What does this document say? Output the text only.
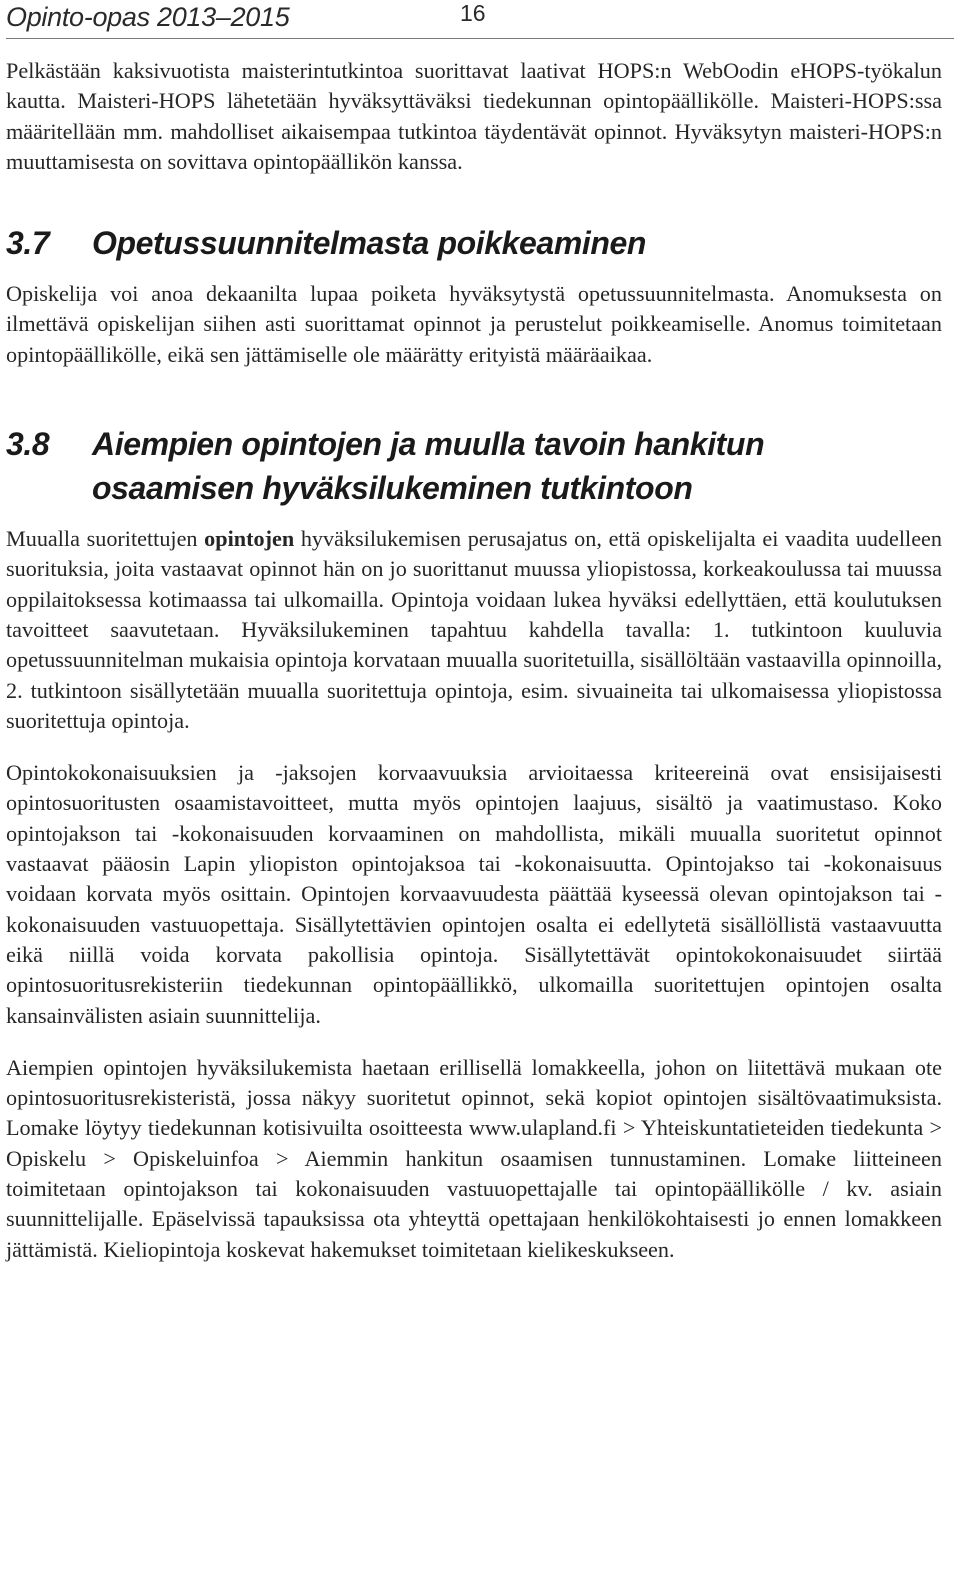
Opinto-opas 2013–2015	16

Pelkästään kaksivuotista maisterintutkintoa suorittavat laativat HOPS:n WebOodin eHOPS-työkalun kautta. Maisteri-HOPS lähetetään hyväksyttäväksi tiedekunnan opintopäällikölle. Maisteri-HOPS:ssa määritellään mm. mahdolliset aikaisempaa tutkintoa täydentävät opinnot. Hyväksytyn maisteri-HOPS:n muuttamisesta on sovittava opintopäällikön kanssa.

3.7	Opetussuunnitelmasta poikkeaminen

Opiskelija voi anoa dekaanilta lupaa poiketa hyväksytystä opetussuunnitelmasta. Anomuksesta on ilmettävä opiskelijan siihen asti suorittamat opinnot ja perustelut poikkeamiselle. Anomus toimitetaan opintopäällikölle, eikä sen jättämiselle ole määrätty erityistä määräaikaa.

3.8	Aiempien opintojen ja muulla tavoin hankitun
osaamisen hyväksilukeminen tutkintoon

Muualla suoritettujen opintojen hyväksilukemisen perusajatus on, että opiskelijalta ei vaadita uudelleen suorituksia, joita vastaavat opinnot hän on jo suorittanut muussa yliopistossa, korkeakoulussa tai muussa oppilaitoksessa kotimaassa tai ulkomailla. Opintoja voidaan lukea hyväksi edellyttäen, että koulutuksen tavoitteet saavutetaan. Hyväksilukeminen tapahtuu kahdella tavalla: 1. tutkintoon kuuluvia opetussuunnitelman mukaisia opintoja korvataan muualla suoritetuilla, sisällöltään vastaavilla opinnoilla, 2. tutkintoon sisällytetään muualla suoritettuja opintoja, esim. sivuaineita tai ulkomaisessa yliopistossa suoritettuja opintoja.

Opintokokonaisuuksien ja -jaksojen korvaavuuksia arvioitaessa kriteereinä ovat ensisijaisesti opintosuoritusten osaamistavoitteet, mutta myös opintojen laajuus, sisältö ja vaatimustaso. Koko opintojakson tai -kokonaisuuden korvaaminen on mahdollista, mikäli muualla suoritetut opinnot vastaavat pääosin Lapin yliopiston opintojaksoa tai -kokonaisuutta. Opintojakso tai -kokonaisuus voidaan korvata myös osittain. Opintojen korvaavuudesta päättää kyseessä olevan opintojakson tai -kokonaisuuden vastuuopettaja. Sisällytettävien opintojen osalta ei edellytetä sisällöllistä vastaavuutta eikä niillä voida korvata pakollisia opintoja. Sisällytettävät opintokokonaisuudet siirtää opintosuoritusrekisteriin tiedekunnan opintopäällikkö, ulkomailla suoritettujen opintojen osalta kansainvälisten asiain suunnittelija.

Aiempien opintojen hyväksilukemista haetaan erillisellä lomakkeella, johon on liitettävä mukaan ote opintosuoritusrekisteristä, jossa näkyy suoritetut opinnot, sekä kopiot opintojen sisältövaatimuksista. Lomake löytyy tiedekunnan kotisivuilta osoitteesta www.ulapland.fi > Yhteiskuntatieteiden tiedekunta > Opiskelu > Opiskeluinfoa > Aiemmin hankitun osaamisen tunnustaminen. Lomake liitteineen toimitetaan opintojakson tai kokonaisuuden vastuuopettajalle tai opintopäällikölle / kv. asiain suunnittelijalle. Epäselvissä tapauksissa ota yhteyttä opettajaan henkilökohtaisesti jo ennen lomakkeen jättämistä. Kieliopintoja koskevat hakemukset toimitetaan kielikeskukseen.
